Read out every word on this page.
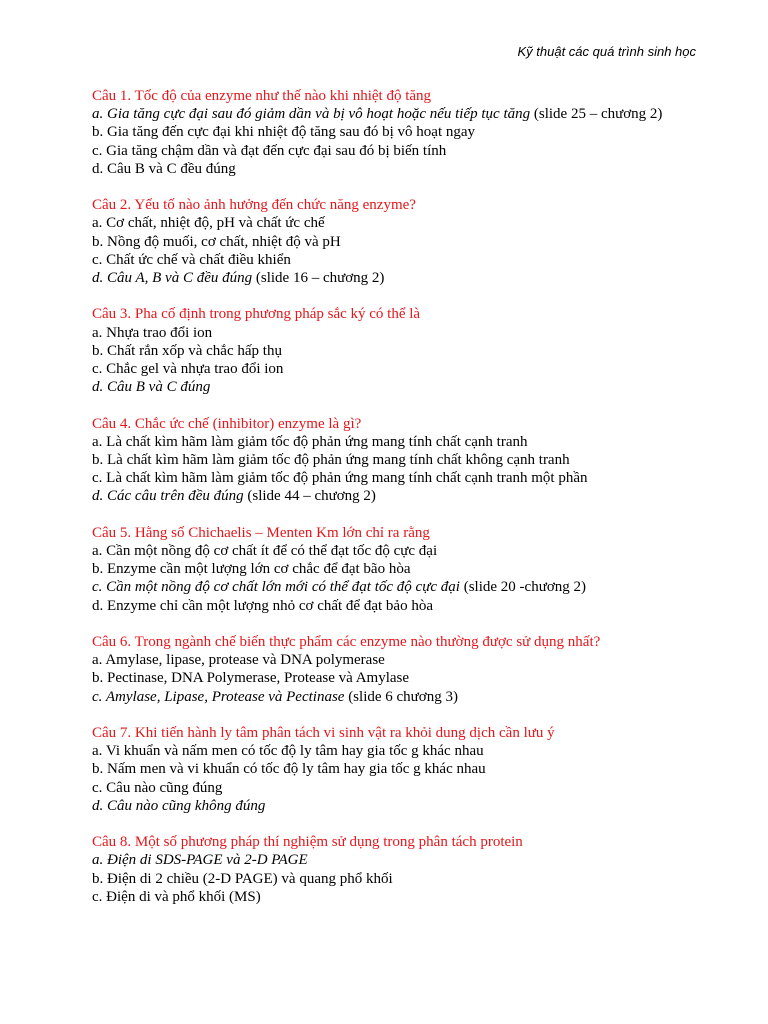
Kỹ thuật các quá trình sinh học
Câu 1. Tốc độ của enzyme như thế nào khi nhiệt độ tăng
a. Gia tăng cực đại sau đó giảm dần và bị vô hoạt hoặc nếu tiếp tục tăng (slide 25 – chương 2)
b. Gia tăng đến cực đại khi nhiệt độ tăng sau đó bị vô hoạt ngay
c. Gia tăng chậm dần và đạt đến cực đại sau đó bị biến tính
d. Câu B và C đều đúng
Câu 2. Yếu tố nào ảnh hưởng đến chức năng enzyme?
a. Cơ chất, nhiệt độ, pH và chất ức chế
b. Nồng độ muối, cơ chất, nhiệt độ và pH
c. Chất ức chế và chất điều khiển
d. Câu A, B và C đều đúng (slide 16 – chương 2)
Câu 3. Pha cố định trong phương pháp sắc ký có thể là
a. Nhựa trao đổi ion
b. Chất rắn xốp và chắc hấp thụ
c. Chắc gel và nhựa trao đổi ion
d. Câu B và C đúng
Câu 4. Chắc ức chế (inhibitor) enzyme là gì?
a. Là chất kìm hãm làm giảm tốc độ phản ứng mang tính chất cạnh tranh
b. Là chất kìm hãm làm giảm tốc độ phản ứng mang tính chất không cạnh tranh
c. Là chất kìm hãm làm giảm tốc độ phản ứng mang tính chất cạnh tranh một phần
d. Các câu trên đều đúng (slide 44 – chương 2)
Câu 5. Hằng số Chichaelis – Menten Km lớn chỉ ra rằng
a. Cần một nồng độ cơ chất ít để có thể đạt tốc độ cực đại
b. Enzyme cần một lượng lớn cơ chắc để đạt bão hòa
c. Cần một nồng độ cơ chất lớn mới có thể đạt tốc độ cực đại (slide 20 -chương 2)
d. Enzyme chỉ cần một lượng nhỏ cơ chất để đạt bảo hòa
Câu 6. Trong ngành chế biến thực phẩm các enzyme nào thường được sử dụng nhất?
a. Amylase, lipase, protease và DNA polymerase
b. Pectinase, DNA Polymerase, Protease và Amylase
c. Amylase, Lipase, Protease và Pectinase (slide 6 chương 3)
Câu 7. Khi tiến hành ly tâm phân tách vi sinh vật ra khỏi dung dịch cần lưu ý
a. Vi khuẩn và nấm men có tốc độ ly tâm hay gia tốc g khác nhau
b. Nấm men và vi khuẩn có tốc độ ly tâm hay gia tốc g khác nhau
c. Câu nào cũng đúng
d. Câu nào cũng không đúng
Câu 8. Một số phương pháp thí nghiệm sử dụng trong phân tách protein
a. Điện di SDS-PAGE và 2-D PAGE
b. Điện di 2 chiều (2-D PAGE) và quang phổ khối
c. Điện di và phổ khối (MS)
